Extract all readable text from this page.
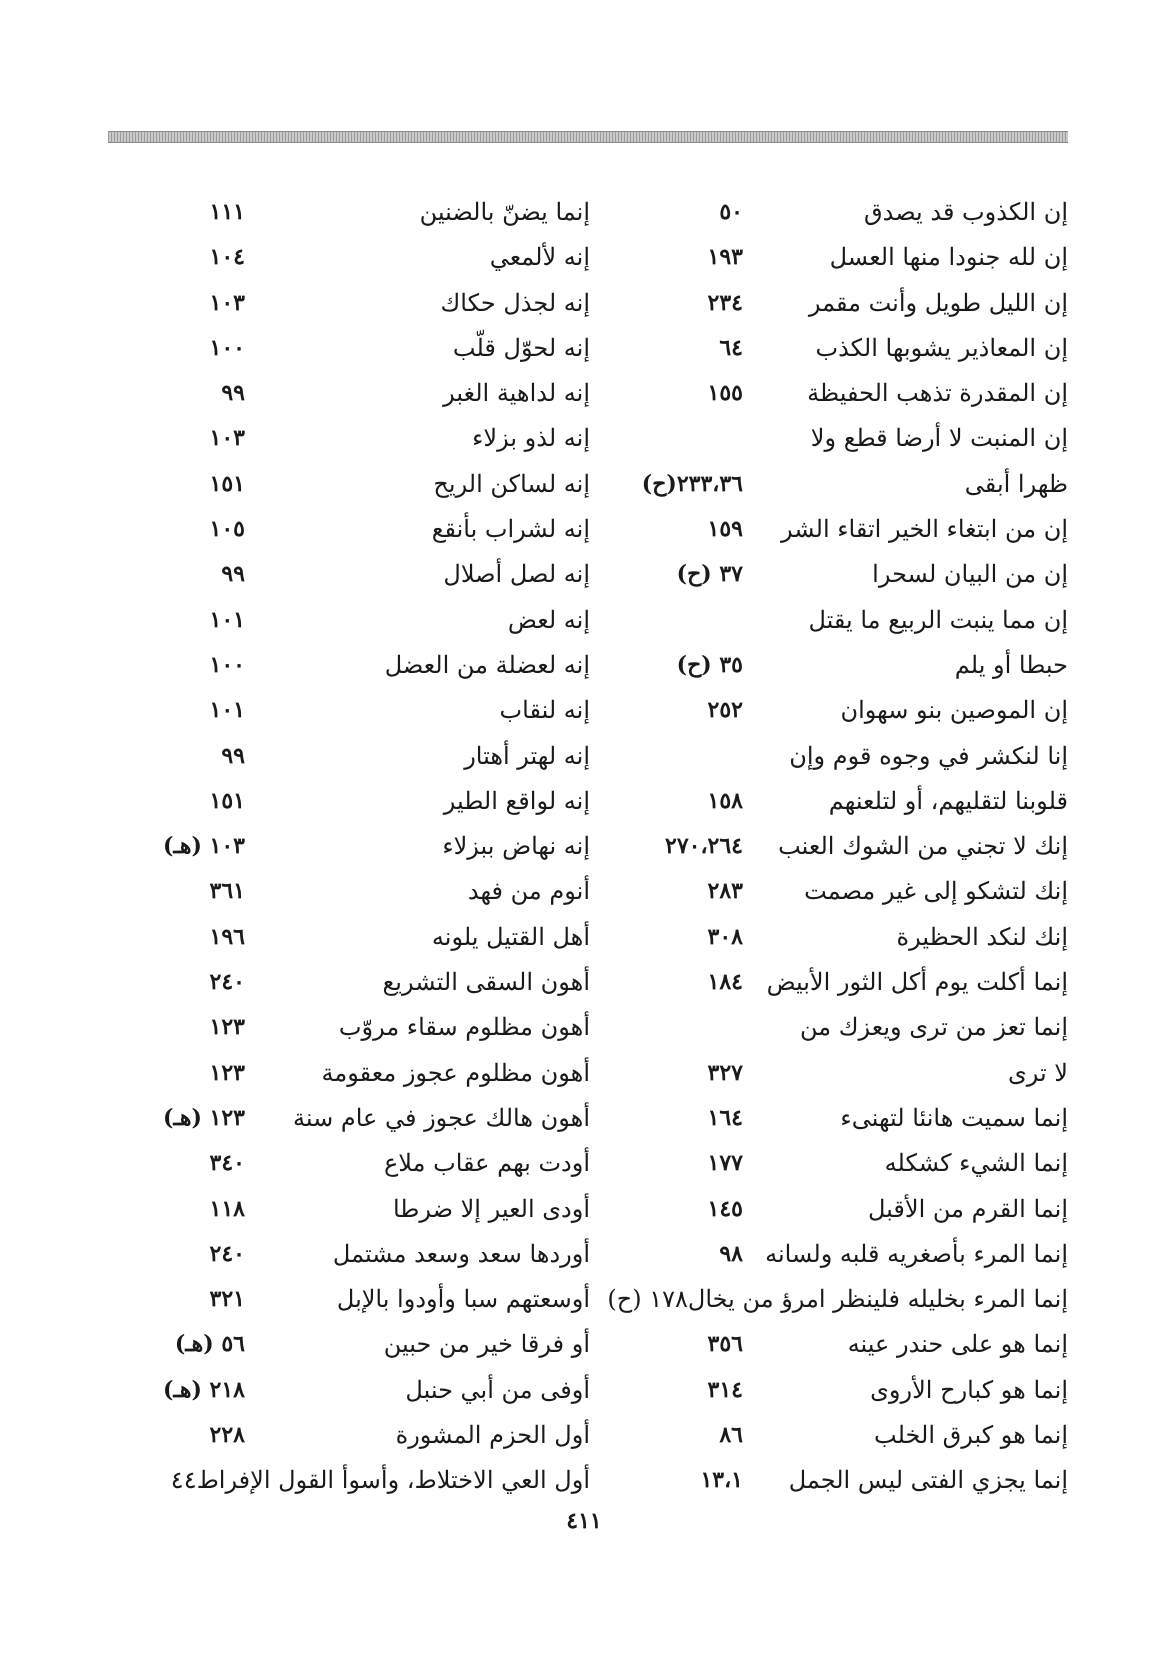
إن الكذوب قد يصدق
٥٠
إن لله جنودا منها العسل
١٩٣
إن الليل طويل وأنت مقمر
٢٣٤
إن المعاذير يشوبها الكذب
٦٤
إن المقدرة تذهب الحفيظة
١٥٥
إن المنبت لا أرضا قطع ولا
ظهرا أبقى
٢٣٣،٣٦(ح)
إن من ابتغاء الخير اتقاء الشر
١٥٩
إن من البيان لسحرا
٣٧ (ح)
إن مما ينبت الربيع ما يقتل
حبطا أو يلم
٣٥ (ح)
إن الموصين بنو سهوان
٢٥٢
إنا لنكشر في وجوه قوم وإن
قلوبنا لتقليهم، أو لتلعنهم
١٥٨
إنك لا تجني من الشوك العنب
٢٧٠،٢٦٤
إنك لتشكو إلى غير مصمت
٢٨٣
إنك لنكد الحظيرة
٣٠٨
إنما أكلت يوم أكل الثور الأبيض
١٨٤
إنما تعز من ترى ويعزك من
لا ترى
٣٢٧
إنما سميت هانئا لتهنىء
١٦٤
إنما الشيء كشكله
١٧٧
إنما القرم من الأقبل
١٤٥
إنما المرء بأصغريه قلبه ولسانه
٩٨
إنما المرء بخليله فلينظر امرؤ من يخال١٧٨ (ح)
إنما هو على حندر عينه
٣٥٦
إنما هو كبارح الأروى
٣١٤
إنما هو كبرق الخلب
٨٦
إنما يجزي الفتى ليس الجمل
١٣،١
إنما يضنّ بالضنين
١١١
إنه لألمعي
١٠٤
إنه لجذل حكاك
١٠٣
إنه لحوّل قلّب
١٠٠
إنه لداهية الغبر
٩٩
إنه لذو بزلاء
١٠٣
إنه لساكن الريح
١٥١
إنه لشراب بأنقع
١٠٥
إنه لصل أصلال
٩٩
إنه لعض
١٠١
إنه لعضلة من العضل
١٠٠
إنه لنقاب
١٠١
إنه لهتر أهتار
٩٩
إنه لواقع الطير
١٥١
إنه نهاض ببزلاء
١٠٣ (هـ)
أنوم من فهد
٣٦١
أهل القتيل يلونه
١٩٦
أهون السقى التشريع
٢٤٠
أهون مظلوم سقاء مروّب
١٢٣
أهون مظلوم عجوز معقومة
١٢٣
أهون هالك عجوز في عام سنة
١٢٣ (هـ)
أودت بهم عقاب ملاع
٣٤٠
أودى العير إلا ضرطا
١١٨
أوردها سعد وسعد مشتمل
٢٤٠
أوسعتهم سبا وأودوا بالإبل
٣٢١
أو فرقا خير من حبين
٥٦ (هـ)
أوفى من أبي حنبل
٢١٨ (هـ)
أول الحزم المشورة
٢٢٨
أول العي الاختلاط، وأسوأ القول الإفراط٤٤
٤١١
